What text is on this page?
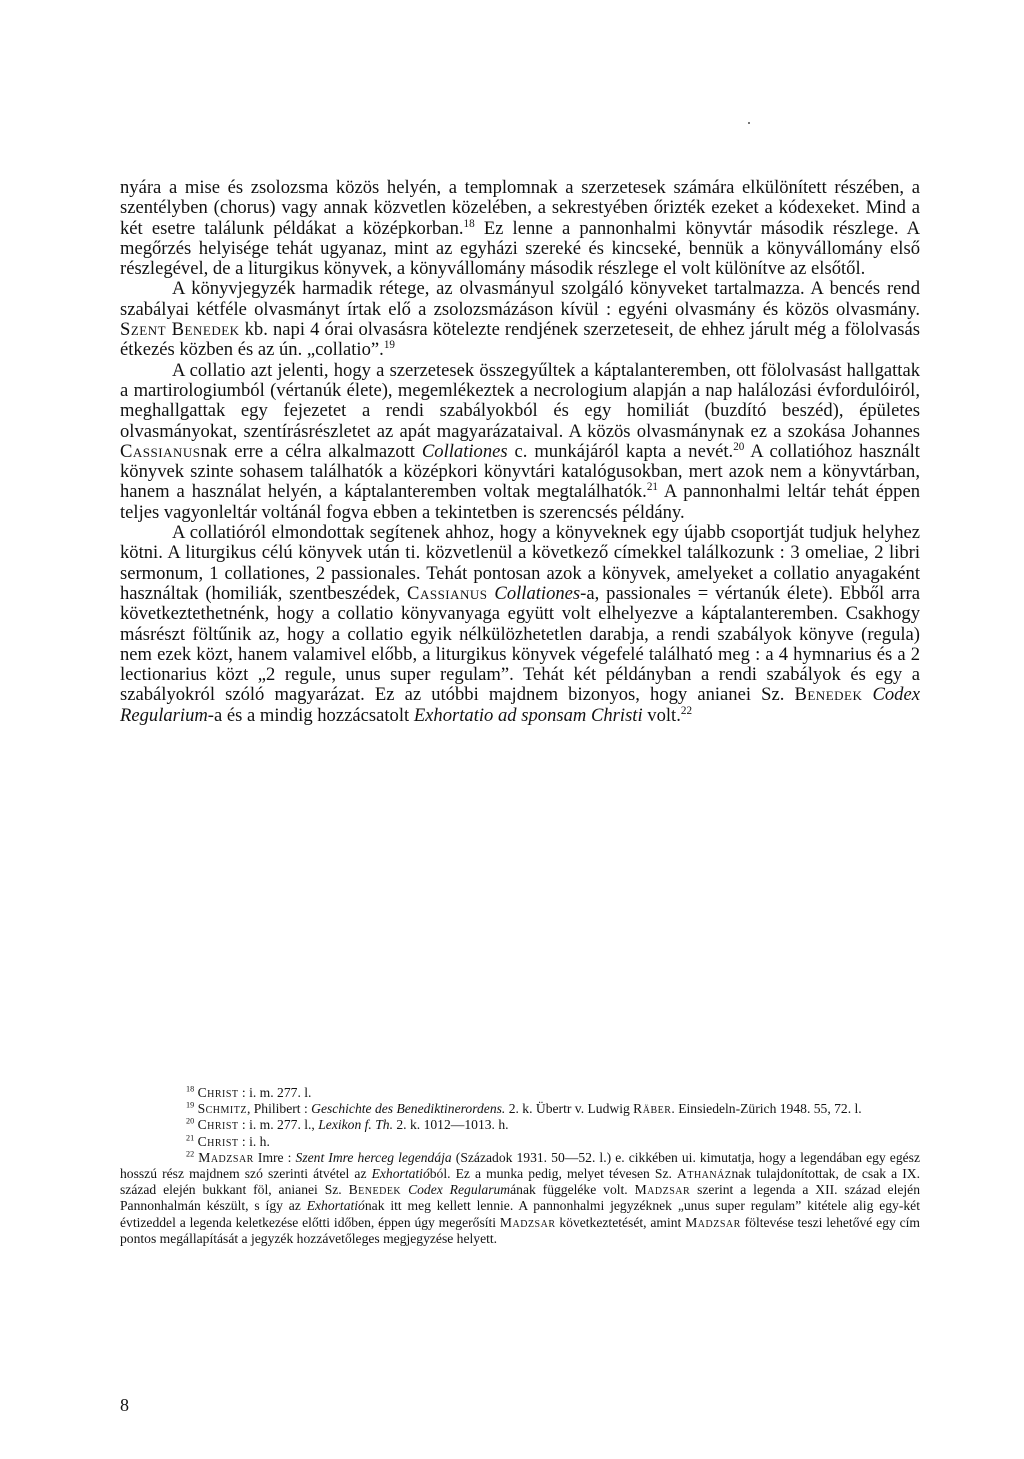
nyára a mise és zsolozsma közös helyén, a templomnak a szerzetesek számára elkülönített részében, a szentélyben (chorus) vagy annak közvetlen közelében, a sekrestyében őrizték ezeket a kódexeket. Mind a két esetre találunk példákat a középkorban.$^{18}$ Ez lenne a pannonhalmi könyvtár második részlege. A megőrzés helyisége tehát ugyanaz, mint az egyházi szereké és kincseké, bennük a könyvállomány első részlegével, de a liturgikus könyvek, a könyvállomány második részlege el volt különítve az elsőtől.

A könyvjegyzék harmadik rétege, az olvasmányul szolgáló könyveket tartalmazza. A bencés rend szabályai kétféle olvasmányt írtak elő a zsolozsmázáson kívül : egyéni olvasmány és közös olvasmány. Szent Benedek kb. napi 4 órai olvasásra kötelezte rendjének szerzeteseit, de ehhez járult még a fölolvasás étkezés közben és az ún. „collatio”.$^{19}$

A collatio azt jelenti, hogy a szerzetesek összegyűltek a káptalanteremben, ott fölolvasást hallgattak a martirologiumból (vértanúk élete), megemlékeztek a necrologium alapján a nap halálozási évfordulóiról, meghallgattak egy fejezetet a rendi szabályokból és egy homiliát (buzdító beszéd), épületes olvasmányokat, szentírásrészletet az apát magyarázataival. A közös olvasmánynak ez a szokása Johannes Cassianusnak erre a célra alkalmazott Collationes c. munkájáról kapta a nevét.$^{20}$ A collatióhoz használt könyvek szinte sohasem találhatók a középkori könyvtári katalógusokban, mert azok nem a könyvtárban, hanem a használat helyén, a káptalanteremben voltak megtalálhatók.$^{21}$ A pannonhalmi leltár tehát éppen teljes vagyonleltár voltánál fogva ebben a tekintetben is szerencsés példány.

A collatióról elmondottak segítenek ahhoz, hogy a könyveknek egy újabb csoportját tudjuk helyhez kötni. A liturgikus célú könyvek után ti. közvetlenül a következő címekkel találkozunk : 3 omeliae, 2 libri sermonum, 1 collationes, 2 passionales. Tehát pontosan azok a könyvek, amelyeket a collatio anyagaként használtak (homiliák, szentbeszédek, Cassianus Collationes-a, passionales = vértanúk élete). Ebből arra következtethetnénk, hogy a collatio könyvanyaga együtt volt elhelyezve a káptalanteremben. Csakhogy másrészt föltűnik az, hogy a collatio egyik nélkülözhetetlen darabja, a rendi szabályok könyve (regula) nem ezek közt, hanem valamivel előbb, a liturgikus könyvek végefelé található meg : a 4 hymnarius és a 2 lectionarius közt „2 regule, unus super regulam”. Tehát két példányban a rendi szabályok és egy a szabályokról szóló magyarázat. Ez az utóbbi majdnem bizonyos, hogy anianei Sz. Benedek Codex Regularium-a és a mindig hozzácsatolt Exhortatio ad sponsam Christi volt.$^{22}$

$^{18}$ Christ : i. m. 277. l.

$^{19}$ Schmitz, Philibert : Geschichte des Benediktinerordens. 2. k. Übertr v. Ludwig Räber. Einsiedeln-Zürich 1948. 55, 72. l.

$^{20}$ Christ : i. m. 277. l., Lexikon f. Th. 2. k. 1012—1013. h.

$^{21}$ Christ : i. h.

$^{22}$ Madzsar Imre : Szent Imre herceg legendája (Századok 1931. 50—52. l.) e. cikkében ui. kimutatja, hogy a legendában egy egész hosszú rész majdnem szó szerinti átvétel az Exhortatióból. Ez a munka pedig, melyet tévesen Sz. Athanáznak tulajdonítottak, de csak a IX. század elején bukkant föl, anianei Sz. Benedek Codex Regularumának függeléke volt. Madzsar szerint a legenda a XII. század elején Pannonhalmán készült, s így az Exhortatiónak itt meg kellett lennie. A pannonhalmi jegyzéknek „unus super regulam” kitétele alig egy-két évtizeddel a legenda keletkezése előtti időben, éppen úgy megerősíti Madzsar következtetését, amint Madzsar föltevése teszi lehetővé egy cím pontos megállapítását a jegyzék hozzávetőleges megjegyzése helyett.

8
